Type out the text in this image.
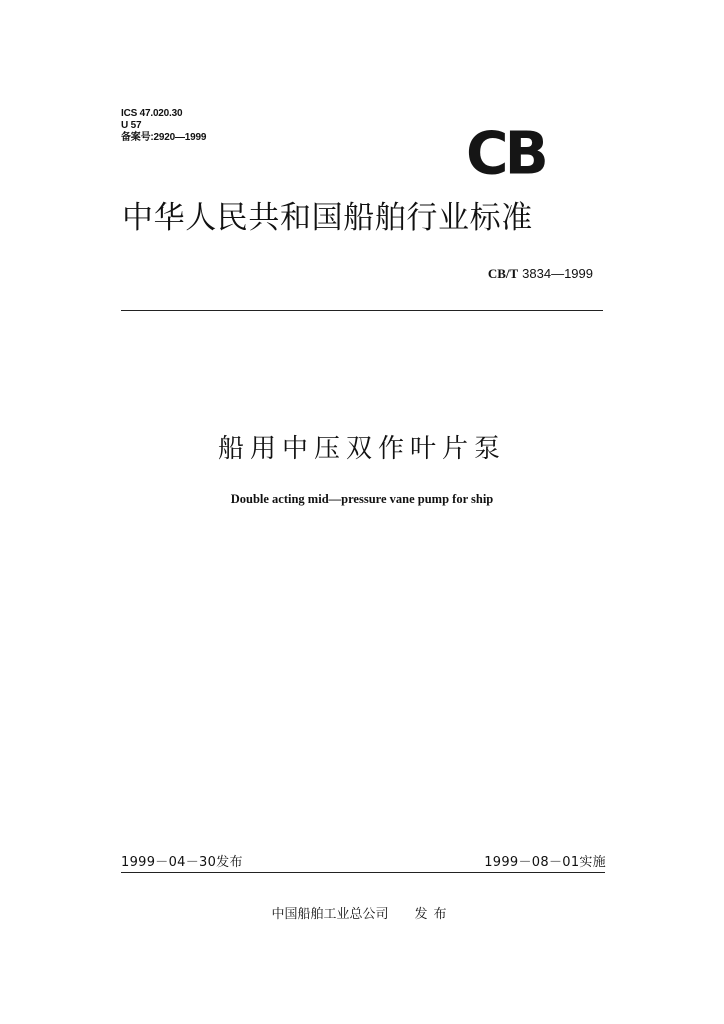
ICS 47.020.30
U 57
备案号:2920—1999	CB
中华人民共和国船舶行业标准
CB/T 3834—1999
船用中压双作叶片泵
Double acting mid—pressure vane pump for ship
1999－04－30发布	1999－08－01实施
中国船舶工业总公司 发布
